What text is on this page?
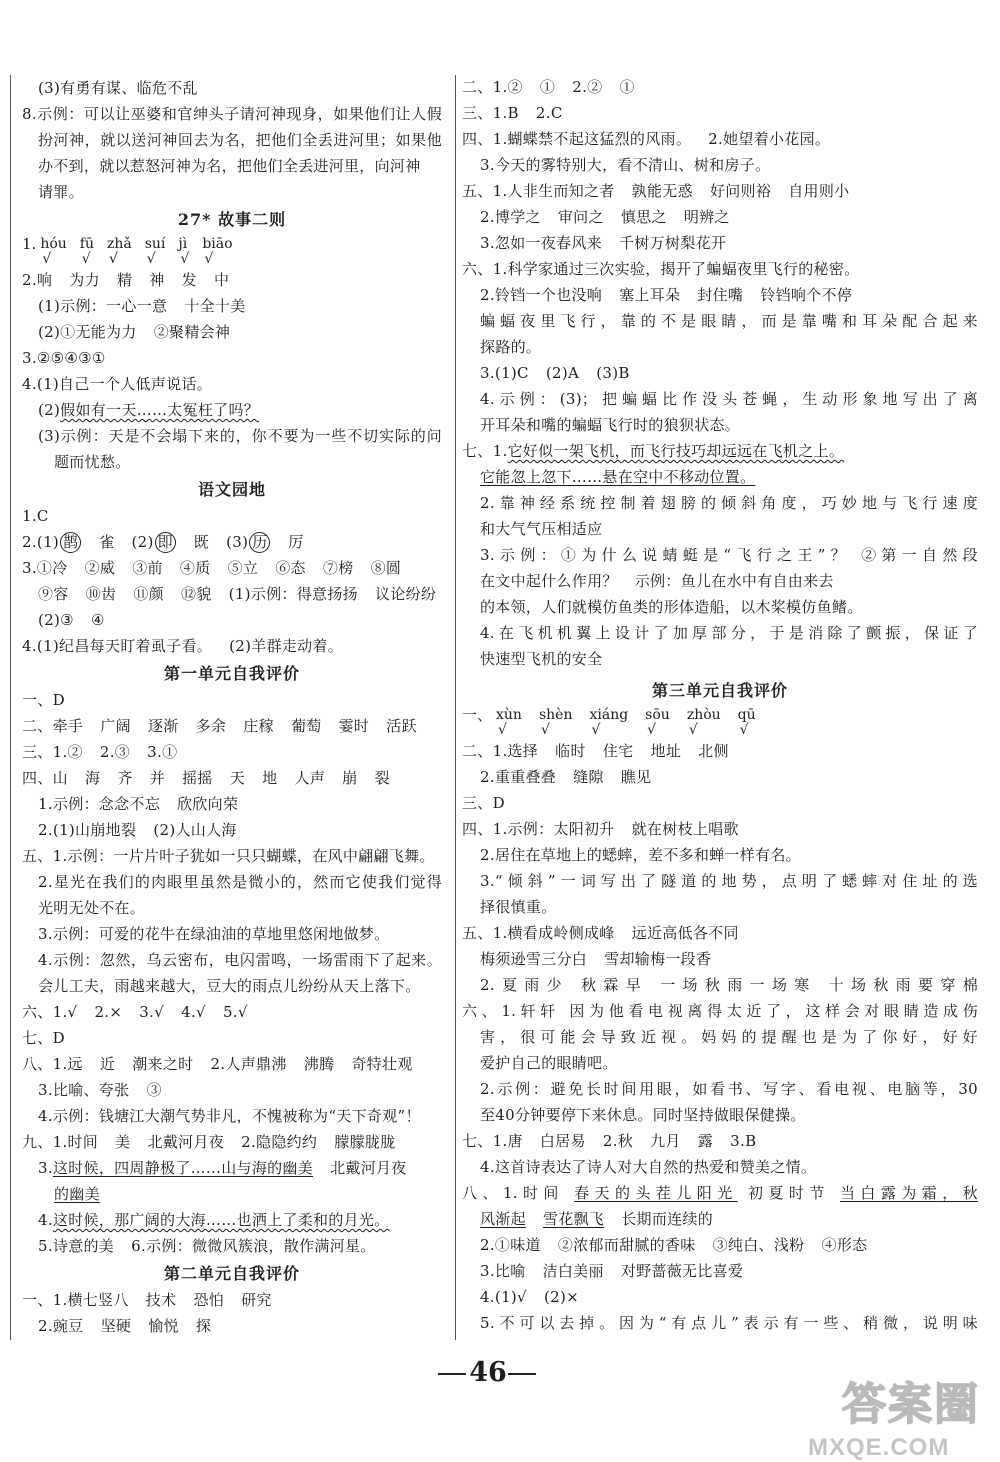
(3)有勇有谋、临危不乱
8.示例：可以让巫婆和官绅头子请河神现身，如果他们让人假
扮河神，就以送河神回去为名，把他们全丢进河里；如果他
办不到，就以惹怒河神为名，把他们全丢进河里，向河神
请罪。
27* 故事二则
1. hóu
√
fū
√
zhǎ
√
suí
√
jì
√
biāo
√
2.响 为力 精 神 发 中
(1)示例：一心一意 十全十美
(2)①无能为力 ②聚精会神
3.②⑤④③①
4.(1)自己一个人低声说话。
(2)假如有一天……太冤枉了吗？
(3)示例：天是不会塌下来的，你不要为一些不切实际的问
题而忧愁。
语文园地
1.C
2.(1) 鹊 雀 (2) 即 既 (3) 历 厉
3.①冷 ②威 ③前 ④质 ⑤立 ⑥态 ⑦榜 ⑧圆
⑨容 ⑩齿 ⑪颜 ⑫貌 (1)示例：得意扬扬 议论纷纷
(2)③ ④
4.(1)纪昌每天盯着虱子看。 (2)羊群走动着。
第一单元自我评价
一、D
二、牵手 广阔 逐渐 多余 庄稼 葡萄 霎时 活跃
三、1.② 2.③ 3.①
四、山 海 齐 并 摇摇 天 地 人声 崩 裂
1.示例：念念不忘 欣欣向荣
2.(1)山崩地裂 (2)人山人海
五、1.示例：一片片叶子犹如一只只蝴蝶，在风中翩翩飞舞。
2.星光在我们的肉眼里虽然是微小的，然而它使我们觉得
光明无处不在。
3.示例：可爱的花牛在绿油油的草地里悠闲地做梦。
4.示例：忽然，乌云密布，电闪雷鸣，一场雷雨下了起来。
会儿工夫，雨越来越大，豆大的雨点儿纷纷从天上落下。
六、1.√ 2.× 3.√ 4.√ 5.√
七、D
八、1.远 近 潮来之时 2.人声鼎沸 沸腾 奇特壮观
3.比喻、夸张 ③
4.示例：钱塘江大潮气势非凡，不愧被称为“天下奇观”！
九、1.时间 美 北戴河月夜 2.隐隐约约 朦朦胧胧
3.这时候，四周静极了……山与海的幽美 北戴河月夜
的幽美
4.这时候，那广阔的大海……也洒上了柔和的月光。
5.诗意的美 6.示例：微微风簇浪，散作满河星。
第二单元自我评价
一、1.横七竖八 技术 恐怕 研究
2.豌豆 坚硬 愉悦 探
二、1.② ① 2.② ①
三、1.B 2.C
四、1.蝴蝶禁不起这猛烈的风雨。 2.她望着小花园。
3.今天的雾特别大，看不清山、树和房子。
五、1.人非生而知之者 孰能无惑 好问则裕 自用则小
2.博学之 审问之 慎思之 明辨之
3.忽如一夜春风来 千树万树梨花开
六、1.科学家通过三次实验，揭开了蝙蝠夜里飞行的秘密。
2.铃铛一个也没响 塞上耳朵 封住嘴 铃铛响个不停
蝙蝠夜里飞行，靠的不是眼睛，而是靠嘴和耳朵配合起来
探路的。
3.(1)C (2)A (3)B
4.示例：(3)；把蝙蝠比作没头苍蝇，生动形象地写出了离
开耳朵和嘴的蝙蝠飞行时的狼狈状态。
七、1.它好似一架飞机，而飞行技巧却远远在飞机之上。
它能忽上忽下……悬在空中不移动位置。
2.靠神经系统控制着翅膀的倾斜角度，巧妙地与飞行速度
和大气气压相适应
3.示例：①为什么说蜻蜓是“飞行之王”？ ②第一自然段
在文中起什么作用？ 示例：鱼儿在水中有自由来去
的本领，人们就模仿鱼类的形体造船，以木桨模仿鱼鳍。
4.在飞机机翼上设计了加厚部分，于是消除了颤振，保证了
快速型飞机的安全
第三单元自我评价
一、 xùn
√
shèn
√
xiáng
√
sōu
√
zhòu
√
qū
√
二、1.选择 临时 住宅 地址 北侧
2.重重叠叠 缝隙 瞧见
三、D
四、1.示例：太阳初升 就在树枝上唱歌
2.居住在草地上的蟋蟀，差不多和蝉一样有名。
3.“倾斜”一词写出了隧道的地势，点明了蟋蟀对住址的选
择很慎重。
五、1.横看成岭侧成峰 远近高低各不同
梅须逊雪三分白 雪却输梅一段香
2.夏雨少 秋霖早 一场秋雨一场寒 十场秋雨要穿棉
六、1.轩轩 因为他看电视离得太近了，这样会对眼睛造成伤
害，很可能会导致近视。妈妈的提醒也是为了你好，好好
爱护自己的眼睛吧。
2.示例：避免长时间用眼，如看书、写字、看电视、电脑等，30
至40分钟要停下来休息。同时坚持做眼保健操。
七、1.唐 白居易 2.秋 九月 露 3.B
4.这首诗表达了诗人对大自然的热爱和赞美之情。
八、1.时间 春天的头茬儿阳光 初夏时节 当白露为霜，秋
风渐起 雪花飘飞 长期而连续的
2.①味道 ②浓郁而甜腻的香味 ③纯白、浅粉 ④形态
3.比喻 洁白美丽 对野蔷薇无比喜爱
4.(1)√ (2)×
5.不可以去掉。因为“有点儿”表示有一些、稍微，说明味
46
答案圈
MXQE.COM
